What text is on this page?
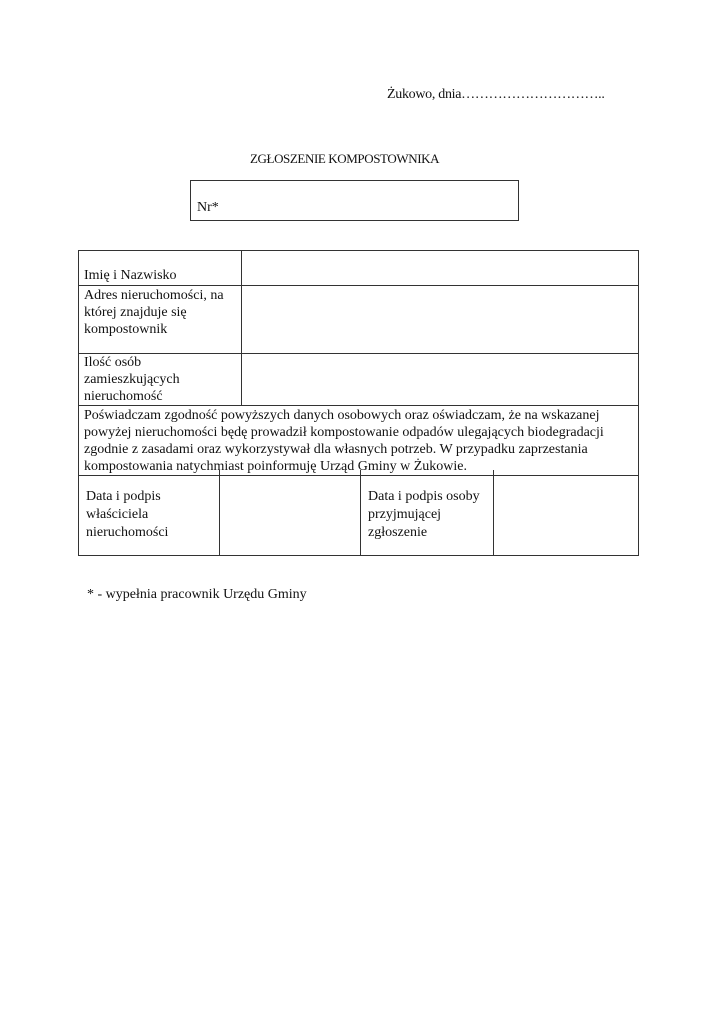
Żukowo, dnia…………………………..
ZGŁOSZENIE KOMPOSTOWNIKA
Nr*
Imię i Nazwisko	
Adres nieruchomości, na której znajduje się kompostownik	
Ilość osób zamieszkujących nieruchomość	
Poświadczam zgodność powyższych danych osobowych oraz oświadczam, że na wskazanej powyżej nieruchomości będę prowadził kompostowanie odpadów ulegających biodegradacji zgodnie z zasadami oraz wykorzystywał dla własnych potrzeb. W przypadku zaprzestania kompostowania natychmiast poinformuję Urząd Gminy w Żukowie.	
Data i podpis właściciela nieruchomości		Data i podpis osoby przyjmującej zgłoszenie	
* - wypełnia pracownik Urzędu Gminy
